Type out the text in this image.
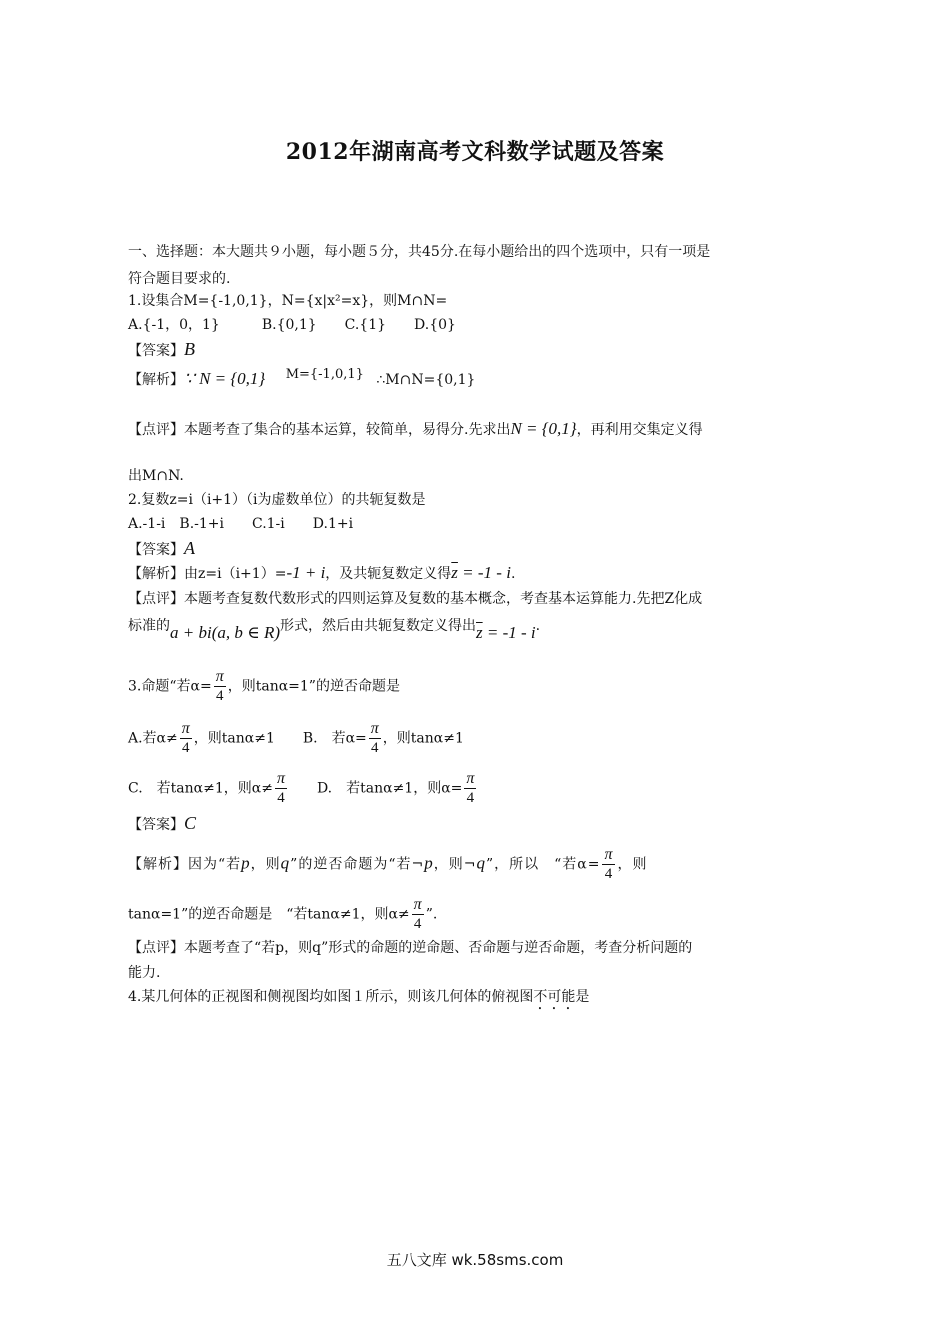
2012年湖南高考文科数学试题及答案
一、选择题：本大题共９小题，每小题５分，共45分.在每小题给出的四个选项中，只有一项是
符合题目要求的.
1.设集合M={-1,0,1}，N={x|x²=x}，则M∩N=
A.{-1，0，1}　　　B.{0,1}　　C.{1}　　D.{0}
【答案】B
【解析】∵ N = {0,1} M={-1,0,1} ∴M∩N={0,1}
【点评】本题考查了集合的基本运算，较简单，易得分.先求出N = {0,1}，再利用交集定义得
出M∩N.
2.复数z=i（i+1）（i为虚数单位）的共轭复数是
A.-1-i　B.-1+i　　C.1-i　　D.1+i
【答案】A
【解析】由z=i（i+1）=-1 + i，及共轭复数定义得$\overline{z} = -1 - i$.
【点评】本题考查复数代数形式的四则运算及复数的基本概念，考查基本运算能力.先把Z化成
标准的a + bi(a, b ∈ R)形式，然后由共轭复数定义得出$\overline{z} = -1 - i$.
3.命题“若$\alpha= \frac{\pi}{4}$ ，则tanα=1”的逆否命题是
A.若$\alpha\ne \frac{\pi}{4}$ ，则tanα≠1　　B.　若$\alpha= \frac{\pi}{4}$ ，则tanα≠1
C.　若tanα≠1，则$\alpha\ne \frac{\pi}{4}$ 　　D.　若tanα≠1，则$\alpha= \frac{\pi}{4}$
【答案】C
【解析】因为“若p，则q”的逆否命题为“若¬p，则¬q”，所以　“若$\alpha= \frac{\pi}{4}$ ，则
tanα=1”的逆否命题是　“若tanα≠1，则$\alpha\ne \frac{\pi}{4}$ ”.
【点评】本题考查了“若p，则q”形式的命题的逆命题、否命题与逆否命题，考查分析问题的
能力.
4.某几何体的正视图和侧视图均如图１所示，则该几何体的俯视图不可能是
五八文库 wk.58sms.com
